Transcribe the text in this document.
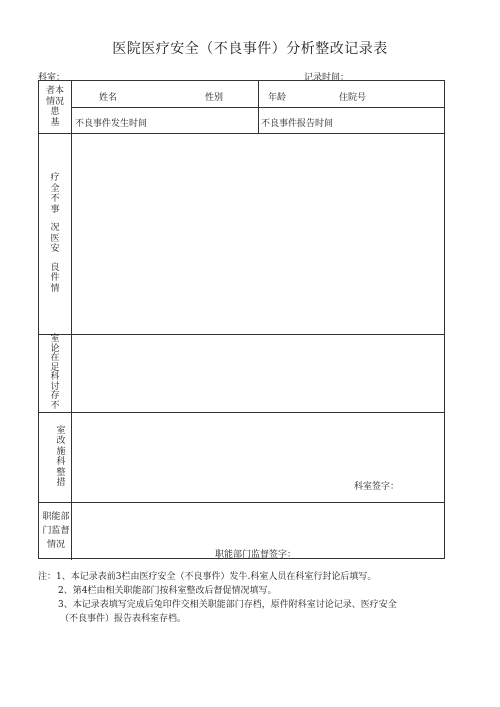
医院医疗安全（不良事件）分析整改记录表
科室：	记录时间：
者本
情况
患
基
姓名	性别	年龄	住院号
不良事件发生时间	不良事件报告时间
疗
全
不
事
况
医
安
良
件
情
室
论
在
足
科
讨
存
不
室
改
施
科
整
措	科室签字：
职能部
门监督
情况
职能部门监督签字：
注：1、本记录表前3栏由医疗安全（不良事件）发牛.科室人员在科室行封论后填写。
2、第4栏由相关职能部门按科室整改后督促情况填写。
3、本记录表填写完成后兔印件交相关职能部门存档，原件附科室讨论记录、医疗安全
（不良事件）报告表科室存档。
